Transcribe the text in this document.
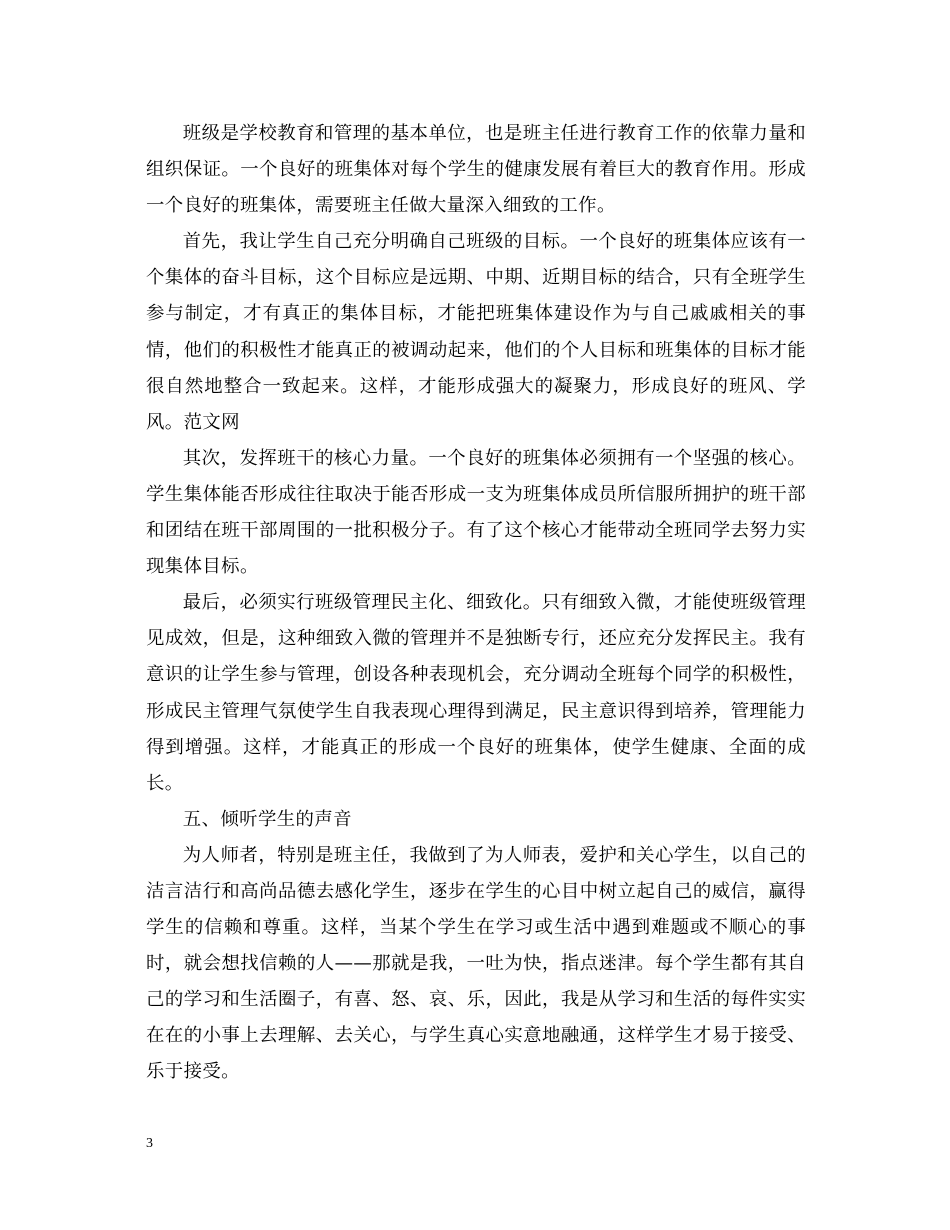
班级是学校教育和管理的基本单位，也是班主任进行教育工作的依靠力量和组织保证。一个良好的班集体对每个学生的健康发展有着巨大的教育作用。形成一个良好的班集体，需要班主任做大量深入细致的工作。

首先，我让学生自己充分明确自己班级的目标。一个良好的班集体应该有一个集体的奋斗目标，这个目标应是远期、中期、近期目标的结合，只有全班学生参与制定，才有真正的集体目标，才能把班集体建设作为与自己戚戚相关的事情，他们的积极性才能真正的被调动起来，他们的个人目标和班集体的目标才能很自然地整合一致起来。这样，才能形成强大的凝聚力，形成良好的班风、学风。范文网

其次，发挥班干的核心力量。一个良好的班集体必须拥有一个坚强的核心。学生集体能否形成往往取决于能否形成一支为班集体成员所信服所拥护的班干部和团结在班干部周围的一批积极分子。有了这个核心才能带动全班同学去努力实现集体目标。

最后，必须实行班级管理民主化、细致化。只有细致入微，才能使班级管理见成效，但是，这种细致入微的管理并不是独断专行，还应充分发挥民主。我有意识的让学生参与管理，创设各种表现机会，充分调动全班每个同学的积极性，形成民主管理气氛使学生自我表现心理得到满足，民主意识得到培养，管理能力得到增强。这样，才能真正的形成一个良好的班集体，使学生健康、全面的成长。

五、倾听学生的声音

为人师者，特别是班主任，我做到了为人师表，爱护和关心学生，以自己的洁言洁行和高尚品德去感化学生，逐步在学生的心目中树立起自己的威信，赢得学生的信赖和尊重。这样，当某个学生在学习或生活中遇到难题或不顺心的事时，就会想找信赖的人——那就是我，一吐为快，指点迷津。每个学生都有其自己的学习和生活圈子，有喜、怒、哀、乐，因此，我是从学习和生活的每件实实在在的小事上去理解、去关心，与学生真心实意地融通，这样学生才易于接受、乐于接受。

3
